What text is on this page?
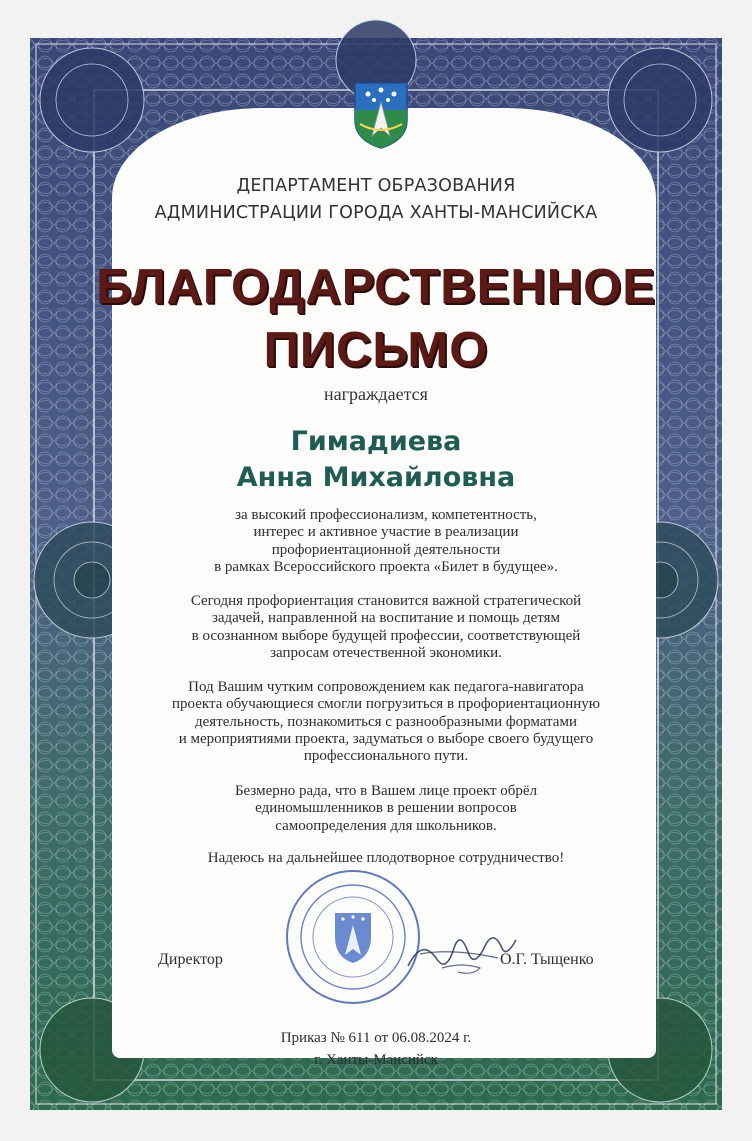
ДЕПАРТАМЕНТ ОБРАЗОВАНИЯ
АДМИНИСТРАЦИИ ГОРОДА ХАНТЫ-МАНСИЙСКА
БЛАГОДАРСТВЕННОЕ
ПИСЬМО
награждается
Гимадиева
Анна Михайловна
за высокий профессионализм, компетентность,
интерес и активное участие в реализации
профориентационной деятельности
в рамках Всероссийского проекта «Билет в будущее».
Сегодня профориентация становится важной стратегической
задачей, направленной на воспитание и помощь детям
в осознанном выборе будущей профессии, соответствующей
запросам отечественной экономики.
Под Вашим чутким сопровождением как педагога-навигатора
проекта обучающиеся смогли погрузиться в профориентационную
деятельность, познакомиться с разнообразными форматами
и мероприятиями проекта, задуматься о выборе своего будущего
профессионального пути.
Безмерно рада, что в Вашем лице проект обрёл
единомышленников в решении вопросов
самоопределения для школьников.
Надеюсь на дальнейшее плодотворное сотрудничество!
Директор	О.Г. Тыщенко
Приказ № 611 от 06.08.2024 г.
г. Ханты-Мансийск
